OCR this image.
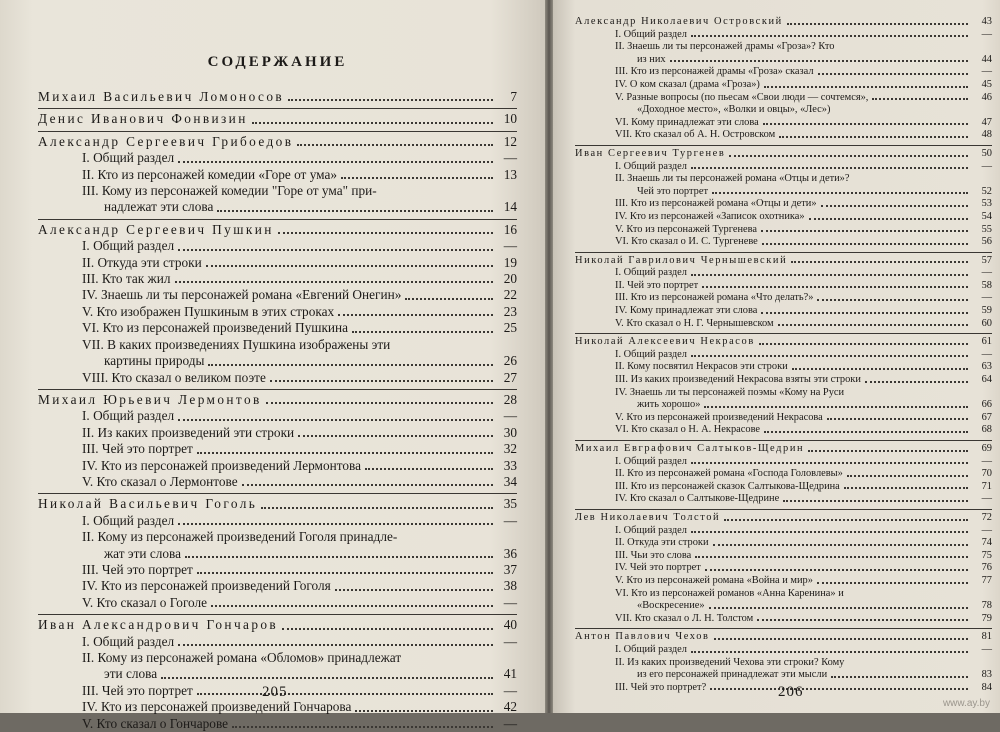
СОДЕРЖАНИЕ
Михаил Васильевич Ломоносов	7
Денис Иванович Фонвизин	10
Александр Сергеевич Грибоедов	12
I. Общий раздел	—
II. Кто из персонажей комедии «Горе от ума»	13
III. Кому из персонажей комедии "Горе от ума" при-
надлежат эти слова	14
Александр Сергеевич Пушкин	16
I. Общий раздел	—
II. Откуда эти строки	19
III. Кто так жил	20
IV. Знаешь ли ты персонажей романа «Евгений Онегин»	22
V. Кто изображен Пушкиным в этих строках	23
VI. Кто из персонажей произведений Пушкина	25
VII. В каких произведениях Пушкина изображены эти
картины природы	26
VIII. Кто сказал о великом поэте	27
Михаил Юрьевич Лермонтов	28
I. Общий раздел	—
II. Из каких произведений эти строки	30
III. Чей это портрет	32
IV. Кто из персонажей произведений Лермонтова	33
V. Кто сказал о Лермонтове	34
Николай Васильевич Гоголь	35
I. Общий раздел	—
II. Кому из персонажей произведений Гоголя принадле-
жат эти слова	36
III. Чей это портрет	37
IV. Кто из персонажей произведений Гоголя	38
V. Кто сказал о Гоголе	—
Иван Александрович Гончаров	40
I. Общий раздел	—
II. Кому из персонажей романа «Обломов» принадлежат
эти слова	41
III. Чей это портрет	—
IV. Кто из персонажей произведений Гончарова	42
V. Кто сказал о Гончарове	—
205
Александр Николаевич Островский	43
I. Общий раздел	—
II. Знаешь ли ты персонажей драмы «Гроза»? Кто
из них	44
III. Кто из персонажей драмы «Гроза» сказал	—
IV. О ком сказал (драма «Гроза»)	45
V. Разные вопросы (по пьесам «Свои люди — сочтемся»,	46
«Доходное место», «Волки и овцы», «Лес»)
VI. Кому принадлежат эти слова	47
VII. Кто сказал об А. Н. Островском	48
Иван Сергеевич Тургенев	50
I. Общий раздел	—
II. Знаешь ли ты персонажей романа «Отцы и дети»?
Чей это портрет	52
III. Кто из персонажей романа «Отцы и дети»	53
IV. Кто из персонажей «Записок охотника»	54
V. Кто из персонажей Тургенева	55
VI. Кто сказал о И. С. Тургеневе	56
Николай Гаврилович Чернышевский	57
I. Общий раздел	—
II. Чей это портрет	58
III. Кто из персонажей романа «Что делать?»	—
IV. Кому принадлежат эти слова	59
V. Кто сказал о Н. Г. Чернышевском	60
Николай Алексеевич Некрасов	61
I. Общий раздел	—
II. Кому посвятил Некрасов эти строки	63
III. Из каких произведений Некрасова взяты эти строки	64
IV. Знаешь ли ты персонажей поэмы «Кому на Руси
жить хорошо»	66
V. Кто из персонажей произведений Некрасова	67
VI. Кто сказал о Н. А. Некрасове	68
Михаил Евграфович Салтыков-Щедрин	69
I. Общий раздел	—
II. Кто из персонажей романа «Господа Головлевы»	70
III. Кто из персонажей сказок Салтыкова-Щедрина	71
IV. Кто сказал о Салтыкове-Щедрине	—
Лев Николаевич Толстой	72
I. Общий раздел	—
II. Откуда эти строки	74
III. Чьи это слова	75
IV. Чей это портрет	76
V. Кто из персонажей романа «Война и мир»	77
VI. Кто из персонажей романов «Анна Каренина» и
«Воскресение»	78
VII. Кто сказал о Л. Н. Толстом	79
Антон Павлович Чехов	81
I. Общий раздел	—
II. Из каких произведений Чехова эти строки? Кому
из его персонажей принадлежат эти мысли	83
III. Чей это портрет?	84
206
www.ay.by
